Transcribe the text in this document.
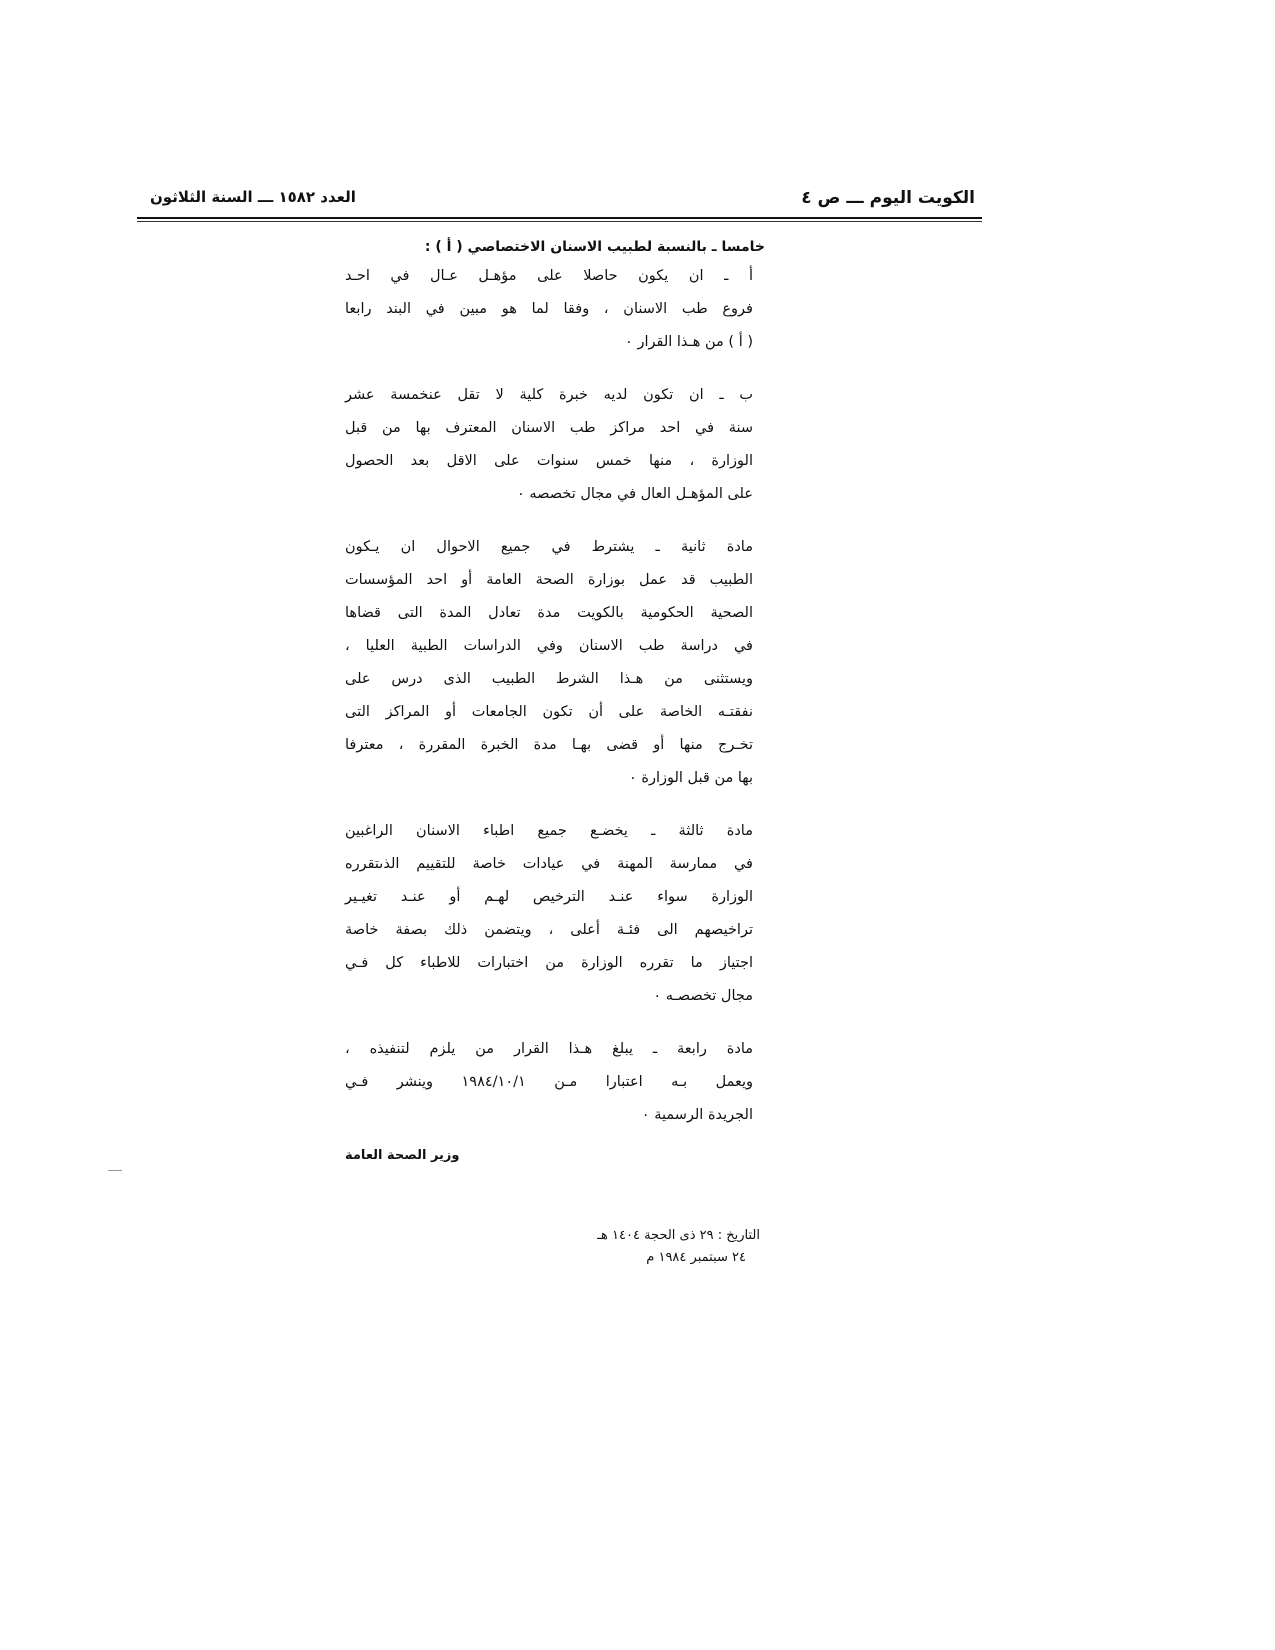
الكويت اليوم ـــ ص ٤
العدد ١٥٨٢ ـــ السنة الثلاثون
خامسا ـ بالنسبة لطبيب الاسنان الاختصاصي ( أ ) :
أ ـ ان يكون حاصلا على مؤهـل عـال في احـد
فروع طب الاسنان ، وفقا لما هو مبين في البند رابعا
( أ ) من هـذا القرار ٠
ب ـ ان تكون لديه خبرة كلية لا تقل عنخمسة عشر
سنة في احد مراكز طب الاسنان المعترف بها من قبل
الوزارة ، منها خمس سنوات على الاقل بعد الحصول
على المؤهـل العال في مجال تخصصه ٠
مادة ثانية ـ يشترط في جميع الاحوال ان يـكون
الطبيب قد عمل بوزارة الصحة العامة أو احد المؤسسات
الصحية الحكومية بالكويت مدة تعادل المدة التى قضاها
في دراسة طب الاسنان وفي الدراسات الطبية العليا ،
ويستثنى من هـذا الشرط الطبيب الذى درس على
نفقتـه الخاصة على أن تكون الجامعات أو المراكز التى
تخـرج منها أو قضى بهـا مدة الخبرة المقررة ، معترفا
بها من قبل الوزارة ٠
مادة ثالثة ـ يخضـع جميع اطباء الاسنان الراغبين
في ممارسة المهنة في عيادات خاصة للتقييم الذىتقرره
الوزارة سواء عنـد الترخيص لهـم أو عنـد تغيـير
تراخيصهم الى فئـة أعلى ، ويتضمن ذلك بصفة خاصة
اجتياز ما تقرره الوزارة من اختبارات للاطباء كل فـي
مجال تخصصـه ٠
مادة رابعة ـ يبلغ هـذا القرار من يلزم لتنفيذه ،
ويعمل بـه اعتبارا مـن ١٩٨٤/١٠/١ وينشر فـي
الجريدة الرسمية ٠
وزير الصحة العامة
التاريخ : ٢٩ ذى الحجة ١٤٠٤ هـ
٢٤ سبتمبر ١٩٨٤ م
